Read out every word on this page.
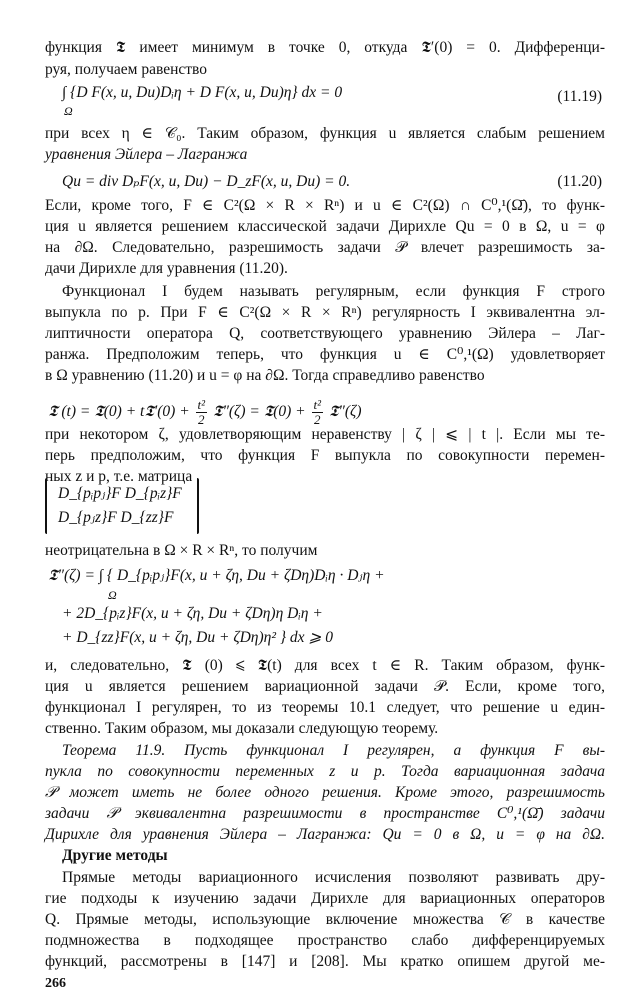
функция 𝕿 имеет минимум в точке 0, откуда 𝕿′(0) = 0. Дифференци-
руя, получаем равенство
∫ {D F(x, u, Du)Dᵢη + D F(x, u, Du)η} dx = 0
Ω
(11.19)
при всех η ∈ 𝒞₀. Таким образом, функция u является слабым решением
уравнения Эйлера – Лагранжа
Qu = div DₚF(x, u, Du) − D_zF(x, u, Du) = 0.	(11.20)
Если, кроме того, F ∈ C²(Ω × R × Rⁿ) и u ∈ C²(Ω) ∩ C⁰,¹(Ω̄), то функ-
ция u является решением классической задачи Дирихле Qu = 0 в Ω, u = φ
на ∂Ω. Следовательно, разрешимость задачи 𝒫 влечет разрешимость за-
дачи Дирихле для уравнения (11.20).
Функционал I будем называть регулярным, если функция F строго
выпукла по p. При F ∈ C²(Ω × R × Rⁿ) регулярность I эквивалентна эл-
липтичности оператора Q, соответствующего уравнению Эйлера – Лаг-
ранжа. Предположим теперь, что функция u ∈ C⁰,¹(Ω) удовлетворяет
в Ω уравнению (11.20) и u = φ на ∂Ω. Тогда справедливо равенство
𝕿 (t) = 𝕿(0) + t𝕿′(0) + $\frac{\text{t²}}{2}$ 𝕿″(ζ) = 𝕿(0) + $\frac{\text{t²}}{2}$ 𝕿″(ζ)
при некотором ζ, удовлетворяющим неравенству | ζ | ⩽ | t |. Если мы те-
перь предположим, что функция F выпукла по совокупности перемен-
ных z и p, т.е. матрица
D_{pᵢpⱼ}F D_{pᵢz}F
D_{pⱼz}F D_{zz}F
неотрицательна в Ω × R × Rⁿ, то получим
𝕿″(ζ) = ∫ { D_{pᵢpⱼ}F(x, u + ζη, Du + ζDη)Dᵢη · Dⱼη +
Ω
+ 2D_{pᵢz}F(x, u + ζη, Du + ζDη)η Dᵢη +
+ D_{zz}F(x, u + ζη, Du + ζDη)η² } dx ⩾ 0
и, следовательно, 𝕿 (0) ⩽ 𝕿(t) для всех t ∈ R. Таким образом, функ-
ция u является решением вариационной задачи 𝒫. Если, кроме того,
функционал I регулярен, то из теоремы 10.1 следует, что решение u един-
ственно. Таким образом, мы доказали следующую теорему.
Теорема 11.9. Пусть функционал I регулярен, а функция F вы-
пукла по совокупности переменных z и p. Тогда вариационная задача
𝒫 может иметь не более одного решения. Кроме этого, разрешимость
задачи 𝒫 эквивалентна разрешимости в пространстве C⁰,¹(Ω̄) задачи
Дирихле для уравнения Эйлера – Лагранжа: Qu = 0 в Ω, u = φ на ∂Ω.
Другие методы
Прямые методы вариационного исчисления позволяют развивать дру-
гие подходы к изучению задачи Дирихле для вариационных операторов
Q. Прямые методы, использующие включение множества 𝒞 в качестве
подмножества в подходящее пространство слабо дифференцируемых
функций, рассмотрены в [147] и [208]. Мы кратко опишем другой ме-
266
